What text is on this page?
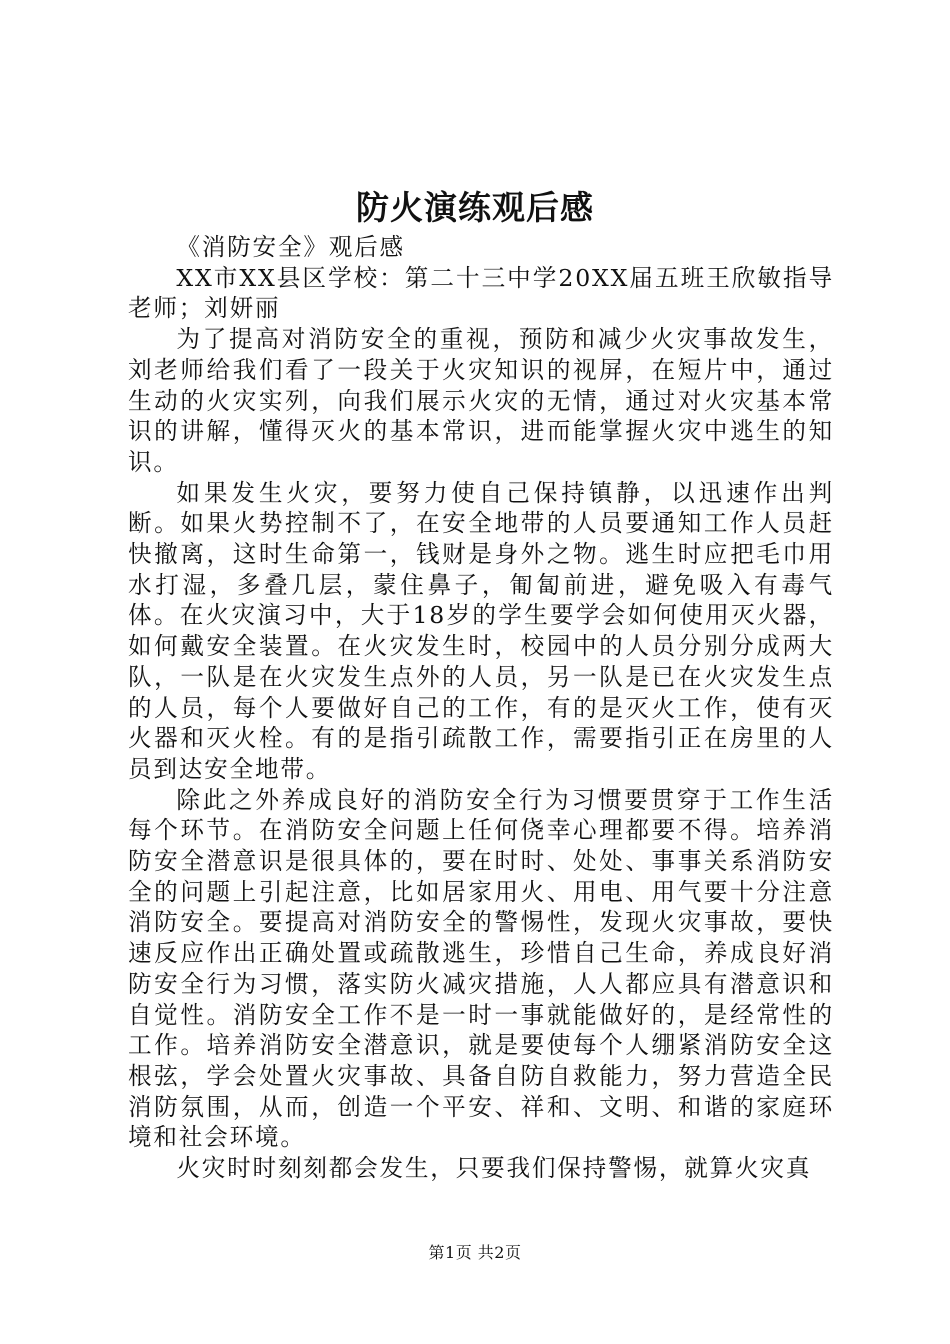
防火演练观后感

《消防安全》观后感

XX市XX县区学校：第二十三中学20XX届五班王欣敏指导老师；刘妍丽

为了提高对消防安全的重视，预防和减少火灾事故发生，刘老师给我们看了一段关于火灾知识的视屏，在短片中，通过生动的火灾实列，向我们展示火灾的无情，通过对火灾基本常识的讲解，懂得灭火的基本常识，进而能掌握火灾中逃生的知识。

如果发生火灾，要努力使自己保持镇静，以迅速作出判断。如果火势控制不了，在安全地带的人员要通知工作人员赶快撤离，这时生命第一，钱财是身外之物。逃生时应把毛巾用水打湿，多叠几层，蒙住鼻子，匍匐前进，避免吸入有毒气体。在火灾演习中，大于18岁的学生要学会如何使用灭火器，如何戴安全装置。在火灾发生时，校园中的人员分别分成两大队，一队是在火灾发生点外的人员，另一队是已在火灾发生点的人员，每个人要做好自己的工作，有的是灭火工作，使有灭火器和灭火栓。有的是指引疏散工作，需要指引正在房里的人员到达安全地带。

除此之外养成良好的消防安全行为习惯要贯穿于工作生活每个环节。在消防安全问题上任何侥幸心理都要不得。培养消防安全潜意识是很具体的，要在时时、处处、事事关系消防安全的问题上引起注意，比如居家用火、用电、用气要十分注意消防安全。要提高对消防安全的警惕性，发现火灾事故，要快速反应作出正确处置或疏散逃生，珍惜自己生命，养成良好消防安全行为习惯，落实防火减灾措施，人人都应具有潜意识和自觉性。消防安全工作不是一时一事就能做好的，是经常性的工作。培养消防安全潜意识，就是要使每个人绷紧消防安全这根弦，学会处置火灾事故、具备自防自救能力，努力营造全民消防氛围，从而，创造一个平安、祥和、文明、和谐的家庭环境和社会环境。

火灾时时刻刻都会发生，只要我们保持警惕，就算火灾真

第1页 共2页
